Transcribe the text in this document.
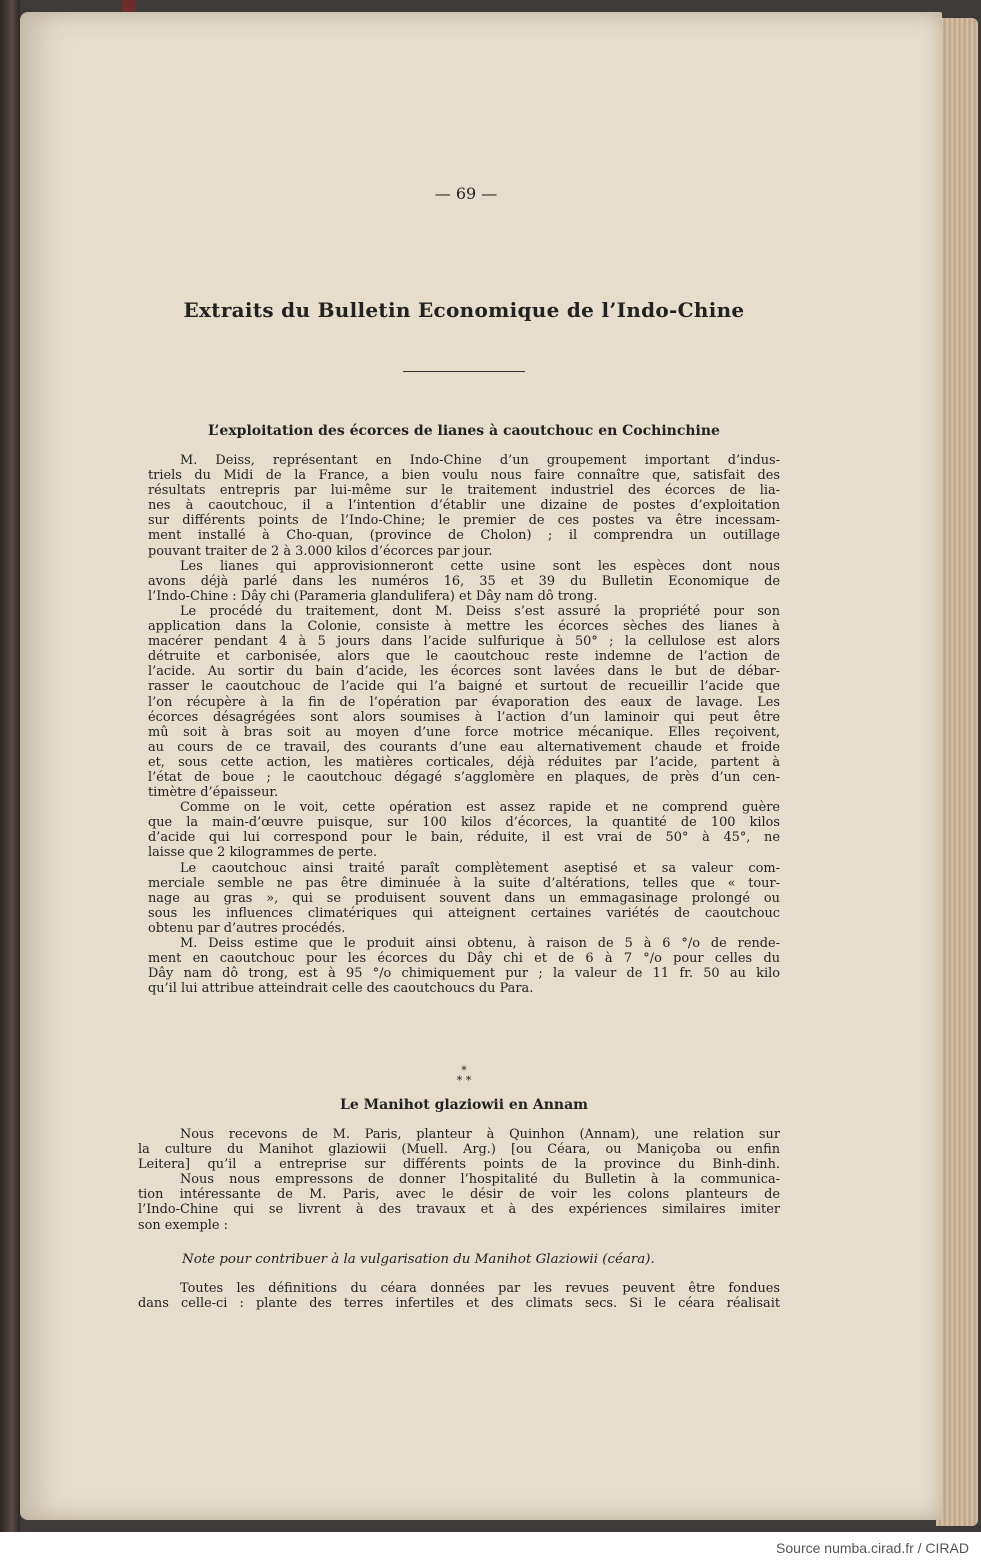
— 69 —

Extraits du Bulletin Economique de l’Indo-Chine
L’exploitation des écorces de lianes à caoutchouc en Cochinchine
M. Deiss, représentant en Indo-Chine d’un groupement important d’indus-
triels du Midi de la France, a bien voulu nous faire connaître que, satisfait des
résultats entrepris par lui-même sur le traitement industriel des écorces de lia-
nes à caoutchouc, il a l’intention d’établir une dizaine de postes d’exploitation
sur différents points de l’Indo-Chine; le premier de ces postes va être incessam-
ment installé à Cho-quan, (province de Cholon) ; il comprendra un outillage
pouvant traiter de 2 à 3.000 kilos d’écorces par jour.
Les lianes qui approvisionneront cette usine sont les espèces dont nous
avons déjà parlé dans les numéros 16, 35 et 39 du Bulletin Economique de
l’Indo-Chine : Dây chi (Parameria glandulifera) et Dây nam dô trong.
Le procédé du traitement, dont M. Deiss s’est assuré la propriété pour son
application dans la Colonie, consiste à mettre les écorces sèches des lianes à
macérer pendant 4 à 5 jours dans l’acide sulfurique à 50° ; la cellulose est alors
détruite et carbonisée, alors que le caoutchouc reste indemne de l’action de
l’acide. Au sortir du bain d’acide, les écorces sont lavées dans le but de débar-
rasser le caoutchouc de l’acide qui l’a baigné et surtout de recueillir l’acide que
l’on récupère à la fin de l’opération par évaporation des eaux de lavage. Les
écorces désagrégées sont alors soumises à l’action d’un laminoir qui peut être
mû soit à bras soit au moyen d’une force motrice mécanique. Elles reçoivent,
au cours de ce travail, des courants d’une eau alternativement chaude et froide
et, sous cette action, les matières corticales, déjà réduites par l’acide, partent à
l’état de boue ; le caoutchouc dégagé s’agglomère en plaques, de près d’un cen-
timètre d’épaisseur.
Comme on le voit, cette opération est assez rapide et ne comprend guère
que la main-d’œuvre puisque, sur 100 kilos d’écorces, la quantité de 100 kilos
d’acide qui lui correspond pour le bain, réduite, il est vrai de 50° à 45°, ne
laisse que 2 kilogrammes de perte.
Le caoutchouc ainsi traité paraît complètement aseptisé et sa valeur com-
merciale semble ne pas être diminuée à la suite d’altérations, telles que « tour-
nage au gras », qui se produisent souvent dans un emmagasinage prolongé ou
sous les influences climatériques qui atteignent certaines variétés de caoutchouc
obtenu par d’autres procédés.
M. Deiss estime que le produit ainsi obtenu, à raison de 5 à 6 °/o de rende-
ment en caoutchouc pour les écorces du Dây chi et de 6 à 7 °/o pour celles du
Dây nam dô trong, est à 95 °/o chimiquement pur ; la valeur de 11 fr. 50 au kilo
qu’il lui attribue atteindrait celle des caoutchoucs du Para.
*
* *
Le Manihot glaziowii en Annam
Nous recevons de M. Paris, planteur à Quinhon (Annam), une relation sur
la culture du Manihot glaziowii (Muell. Arg.) [ou Céara, ou Maniçoba ou enfin
Leitera] qu’il a entreprise sur différents points de la province du Binh-dinh.
Nous nous empressons de donner l’hospitalité du Bulletin à la communica-
tion intéressante de M. Paris, avec le désir de voir les colons planteurs de
l’Indo-Chine qui se livrent à des travaux et à des expériences similaires imiter
son exemple :

Note pour contribuer à la vulgarisation du Manihot Glaziowii (céara).

Toutes les définitions du céara données par les revues peuvent être fondues
dans celle-ci : plante des terres infertiles et des climats secs. Si le céara réalisait

Source numba.cirad.fr / CIRAD
